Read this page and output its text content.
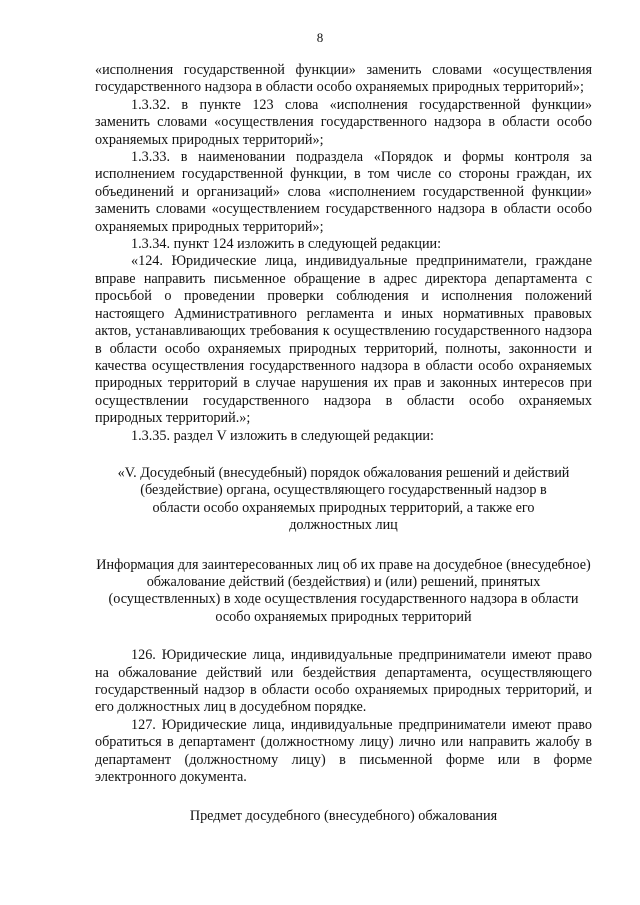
8

«исполнения государственной функции» заменить словами «осуществления государственного надзора в области особо охраняемых природных территорий»;

1.3.32. в пункте 123 слова «исполнения государственной функции» заменить словами «осуществления государственного надзора в области особо охраняемых природных территорий»;

1.3.33. в наименовании подраздела «Порядок и формы контроля за исполнением государственной функции, в том числе со стороны граждан, их объединений и организаций» слова «исполнением государственной функции» заменить словами «осуществлением государственного надзора в области особо охраняемых природных территорий»;

1.3.34. пункт 124 изложить в следующей редакции:

«124. Юридические лица, индивидуальные предприниматели, граждане вправе направить письменное обращение в адрес директора департамента с просьбой о проведении проверки соблюдения и исполнения положений настоящего Административного регламента и иных нормативных правовых актов, устанавливающих требования к осуществлению государственного надзора в области особо охраняемых природных территорий, полноты, законности и качества осуществления государственного надзора в области особо охраняемых природных территорий в случае нарушения их прав и законных интересов при осуществлении государственного надзора в области особо охраняемых природных территорий.»;

1.3.35. раздел V изложить в следующей редакции:

«V. Досудебный (внесудебный) порядок обжалования решений и действий (бездействие) органа, осуществляющего государственный надзор в области особо охраняемых природных территорий, а также его должностных лиц

Информация для заинтересованных лиц об их праве на досудебное (внесудебное) обжалование действий (бездействия) и (или) решений, принятых (осуществленных) в ходе осуществления государственного надзора в области особо охраняемых природных территорий

126. Юридические лица, индивидуальные предприниматели имеют право на обжалование действий или бездействия департамента, осуществляющего государственный надзор в области особо охраняемых природных территорий, и его должностных лиц в досудебном порядке.

127. Юридические лица, индивидуальные предприниматели имеют право обратиться в департамент (должностному лицу) лично или направить жалобу в департамент (должностному лицу) в письменной форме или в форме электронного документа.

Предмет досудебного (внесудебного) обжалования
